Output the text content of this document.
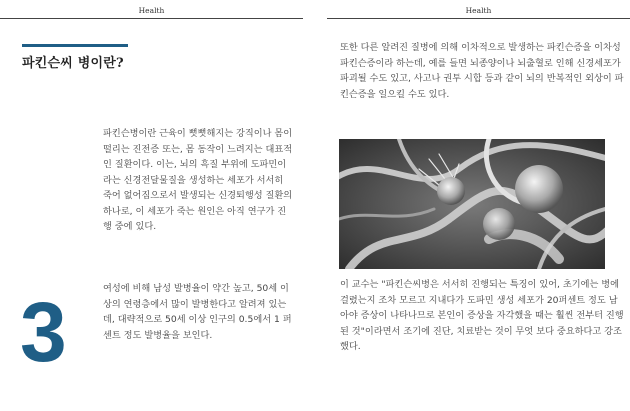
Health
파킨슨씨 병이란?

파킨슨병이란 근육이 뻣뻣해지는 강직이나 몸이 떨리는 진전증 또는, 몸 동작이 느려지는 대표적인 질환이다. 이는, 뇌의 흑질 부위에 도파민이라는 신경전달물질을 생성하는 세포가 서서히 죽어 없어짐으로서 발생되는 신경퇴행성 질환의 하나로, 이 세포가 죽는 원인은 아직 연구가 진행 중에 있다.

여성에 비해 남성 발병율이 약간 높고, 50세 이상의 연령층에서 많이 발병한다고 알려져 있는데, 대략적으로 50세 이상 인구의 0.5에서 1 퍼센트 정도 발병율을 보인다.

3
Health

또한 다른 알려진 질병에 의해 이차적으로 발생하는 파킨슨증을 이차성 파킨슨증이라 하는데, 예를 들면 뇌종양이나 뇌출혈로 인해 신경세포가 파괴될 수도 있고, 사고나 권투 시합 등과 같이 뇌의 반복적인 외상이 파킨슨증을 일으킬 수도 있다.

이 교수는 "파킨슨씨병은 서서히 진행되는 특징이 있어, 초기에는 병에 걸렸는지 조차 모르고 지내다가 도파민 생성 세포가 20퍼센트 정도 남아야 증상이 나타나므로 본인이 증상을 자각했을 때는 훨씬 전부터 진행된 것"이라면서 조기에 진단, 치료받는 것이 무엇 보다 중요하다고 강조했다.
